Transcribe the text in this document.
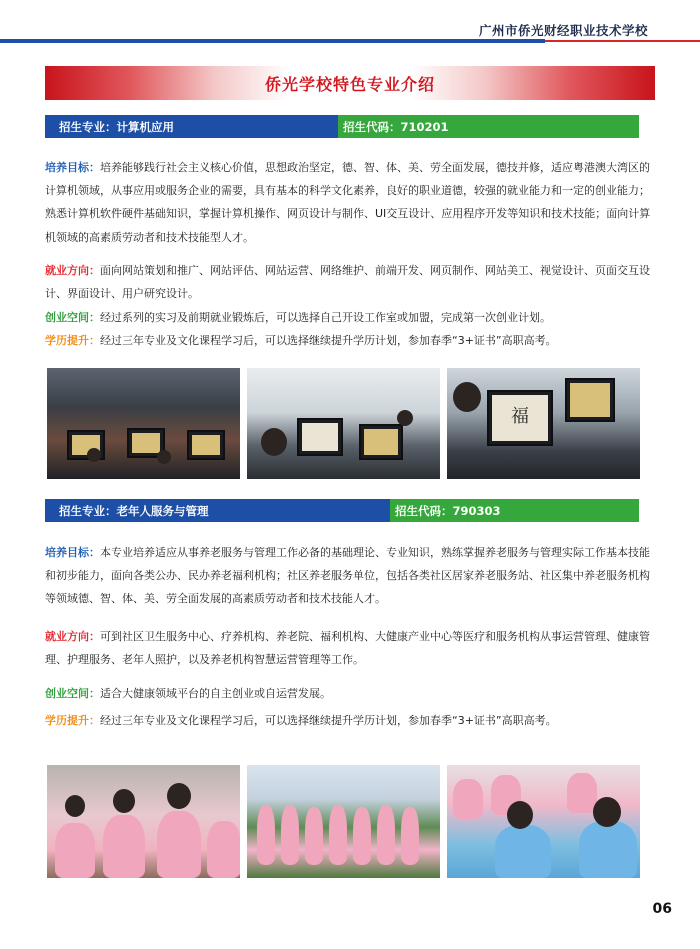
广州市侨光财经职业技术学校
侨光学校特色专业介绍
招生专业：计算机应用	招生代码：710201

培养目标：培养能够践行社会主义核心价值，思想政治坚定，德、智、体、美、劳全面发展，德技并修，适应粤港澳大湾区的计算机领域，从事应用或服务企业的需要，具有基本的科学文化素养，良好的职业道德，较强的就业能力和一定的创业能力；熟悉计算机软件硬件基础知识，掌握计算机操作、网页设计与制作、UI交互设计、应用程序开发等知识和技术技能；面向计算机领域的高素质劳动者和技术技能型人才。

就业方向：面向网站策划和推广、网站评估、网站运营、网络维护、前端开发、网页制作、网站美工、视觉设计、页面交互设计、界面设计、用户研究设计。

创业空间：经过系列的实习及前期就业锻炼后，可以选择自己开设工作室或加盟，完成第一次创业计划。

学历提升：经过三年专业及文化课程学习后，可以选择继续提升学历计划，参加春季“3+证书”高职高考。

福
招生专业：老年人服务与管理	招生代码：790303

培养目标：本专业培养适应从事养老服务与管理工作必备的基础理论、专业知识，熟练掌握养老服务与管理实际工作基本技能和初步能力，面向各类公办、民办养老福利机构；社区养老服务单位，包括各类社区居家养老服务站、社区集中养老服务机构等领域德、智、体、美、劳全面发展的高素质劳动者和技术技能人才。

就业方向：可到社区卫生服务中心、疗养机构、养老院、福利机构、大健康产业中心等医疗和服务机构从事运营管理、健康管理、护理服务、老年人照护，以及养老机构智慧运营管理等工作。

创业空间：适合大健康领域平台的自主创业或自运营发展。

学历提升：经过三年专业及文化课程学习后，可以选择继续提升学历计划，参加春季“3+证书”高职高考。

06
